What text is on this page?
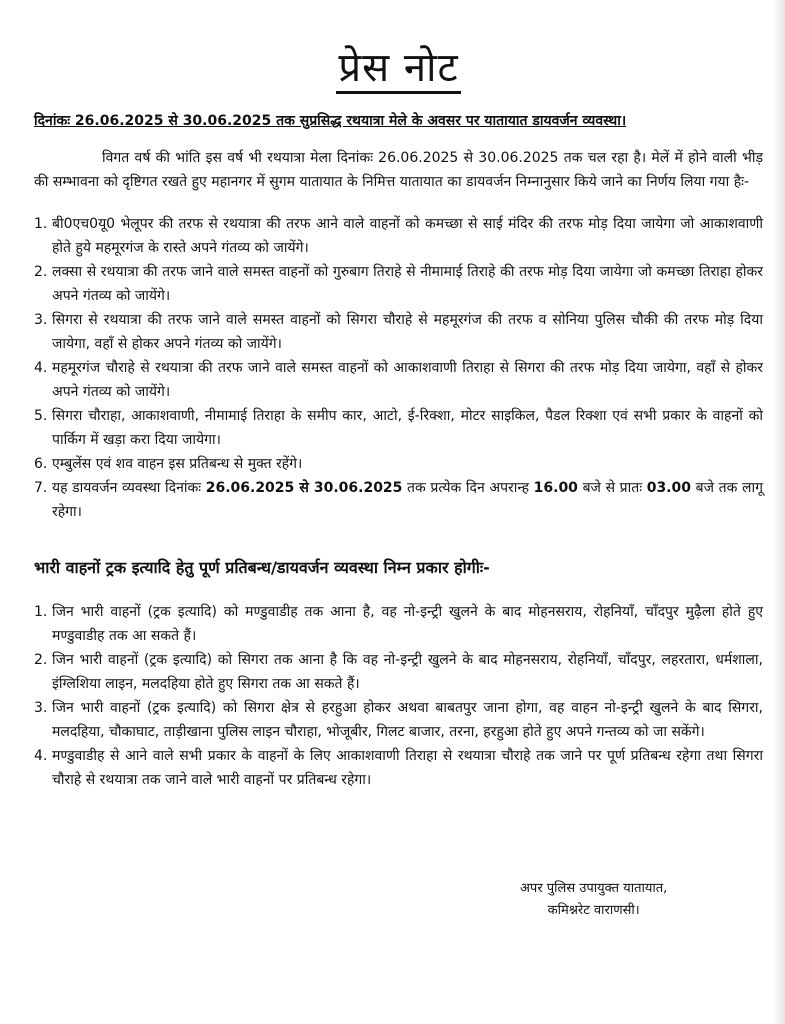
प्रेस नोट
दिनांकः 26.06.2025 से 30.06.2025 तक सुप्रसिद्ध रथयात्रा मेले के अवसर पर यातायात डायवर्जन व्यवस्था।

विगत वर्ष की भांति इस वर्ष भी रथयात्रा मेला दिनांकः 26.06.2025 से 30.06.2025 तक चल रहा है। मेलें में होने वाली भीड़ की सम्भावना को दृष्टिगत रखते हुए महानगर में सुगम यातायात के निमित्त यातायात का डायवर्जन निम्नानुसार किये जाने का निर्णय लिया गया हैः-

1. बी0एच0यू0 भेलूपर की तरफ से रथयात्रा की तरफ आने वाले वाहनों को कमच्छा से साई मंदिर की तरफ मोड़ दिया जायेगा जो आकाशवाणी होते हुये महमूरगंज के रास्ते अपने गंतव्य को जायेंगे।

2. लक्सा से रथयात्रा की तरफ जाने वाले समस्त वाहनों को गुरुबाग तिराहे से नीमामाई तिराहे की तरफ मोड़ दिया जायेगा जो कमच्छा तिराहा होकर अपने गंतव्य को जायेंगे।

3. सिगरा से रथयात्रा की तरफ जाने वाले समस्त वाहनों को सिगरा चौराहे से महमूरगंज की तरफ व सोनिया पुलिस चौकी की तरफ मोड़ दिया जायेगा, वहाँ से होकर अपने गंतव्य को जायेंगे।

4. महमूरगंज चौराहे से रथयात्रा की तरफ जाने वाले समस्त वाहनों को आकाशवाणी तिराहा से सिगरा की तरफ मोड़ दिया जायेगा, वहाँ से होकर अपने गंतव्य को जायेंगे।

5. सिगरा चौराहा, आकाशवाणी, नीमामाई तिराहा के समीप कार, आटो, ई-रिक्शा, मोटर साइकिल, पैडल रिक्शा एवं सभी प्रकार के वाहनों को पार्किग में खड़ा करा दिया जायेगा।

6. एम्बुलेंस एवं शव वाहन इस प्रतिबन्ध से मुक्त रहेंगे।

7. यह डायवर्जन व्यवस्था दिनांकः 26.06.2025 से 30.06.2025 तक प्रत्येक दिन अपरान्ह 16.00 बजे से प्रातः 03.00 बजे तक लागू रहेगा।

भारी वाहनों ट्रक इत्यादि हेतु पूर्ण प्रतिबन्ध/डायवर्जन व्यवस्था निम्न प्रकार होगीः-

1. जिन भारी वाहनों (ट्रक इत्यादि) को मण्डुवाडीह तक आना है, वह नो-इन्ट्री खुलने के बाद मोहनसराय, रोहनियाँ, चाँदपुर मुढ़ैला होते हुए मण्डुवाडीह तक आ सकते हैं।

2. जिन भारी वाहनों (ट्रक इत्यादि) को सिगरा तक आना है कि वह नो-इन्ट्री खुलने के बाद मोहनसराय, रोहनियाँ, चाँदपुर, लहरतारा, धर्मशाला, इंग्लिशिया लाइन, मलदहिया होते हुए सिगरा तक आ सकते हैं।

3. जिन भारी वाहनों (ट्रक इत्यादि) को सिगरा क्षेत्र से हरहुआ होकर अथवा बाबतपुर जाना होगा, वह वाहन नो-इन्ट्री खुलने के बाद सिगरा, मलदहिया, चौकाघाट, ताड़ीखाना पुलिस लाइन चौराहा, भोजूबीर, गिलट बाजार, तरना, हरहुआ होते हुए अपने गन्तव्य को जा सकेंगे।

4. मण्डुवाडीह से आने वाले सभी प्रकार के वाहनों के लिए आकाशवाणी तिराहा से रथयात्रा चौराहे तक जाने पर पूर्ण प्रतिबन्ध रहेगा तथा सिगरा चौराहे से रथयात्रा तक जाने वाले भारी वाहनों पर प्रतिबन्ध रहेगा।

अपर पुलिस उपायुक्त यातायात,
कमिश्नरेट वाराणसी।
